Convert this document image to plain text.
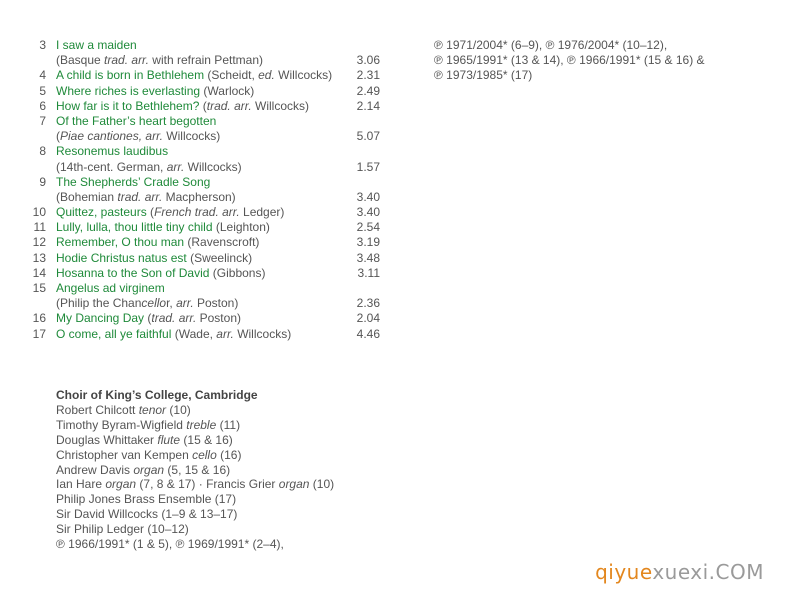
3 I saw a maiden
(Basque trad. arr. with refrain Pettman)	3.06
4 A child is born in Bethlehem (Scheidt, ed. Willcocks) 2.31
5 Where riches is everlasting (Warlock)	2.49
6 How far is it to Bethlehem? (trad. arr. Willcocks)	2.14
7 Of the Father’s heart begotten
(Piae cantiones, arr. Willcocks)	5.07
8 Resonemus laudibus
(14th-cent. German, arr. Willcocks)	1.57
9 The Shepherds’ Cradle Song
(Bohemian trad. arr. Macpherson)	3.40
10 Quittez, pasteurs (French trad. arr. Ledger)	3.40
11 Lully, lulla, thou little tiny child (Leighton)	2.54
12 Remember, O thou man (Ravenscroft)	3.19
13 Hodie Christus natus est (Sweelinck)	3.48
14 Hosanna to the Son of David (Gibbons)	3.11
15 Angelus ad virginem
(Philip the Chancellor, arr. Poston)	2.36
16 My Dancing Day (trad. arr. Poston)	2.04
17 O come, all ye faithful (Wade, arr. Willcocks)	4.46
℗ 1971/2004* (6–9), ℗ 1976/2004* (10–12),
℗ 1965/1991* (13 & 14), ℗ 1966/1991* (15 & 16) &
℗ 1973/1985* (17)
Choir of King’s College, Cambridge
Robert Chilcott tenor (10)
Timothy Byram-Wigfield treble (11)
Douglas Whittaker flute (15 & 16)
Christopher van Kempen cello (16)
Andrew Davis organ (5, 15 & 16)
Ian Hare organ (7, 8 & 17) · Francis Grier organ (10)
Philip Jones Brass Ensemble (17)
Sir David Willcocks (1–9 & 13–17)
Sir Philip Ledger (10–12)
℗ 1966/1991* (1 & 5), ℗ 1969/1991* (2–4),
qiyuexuexi.COM
